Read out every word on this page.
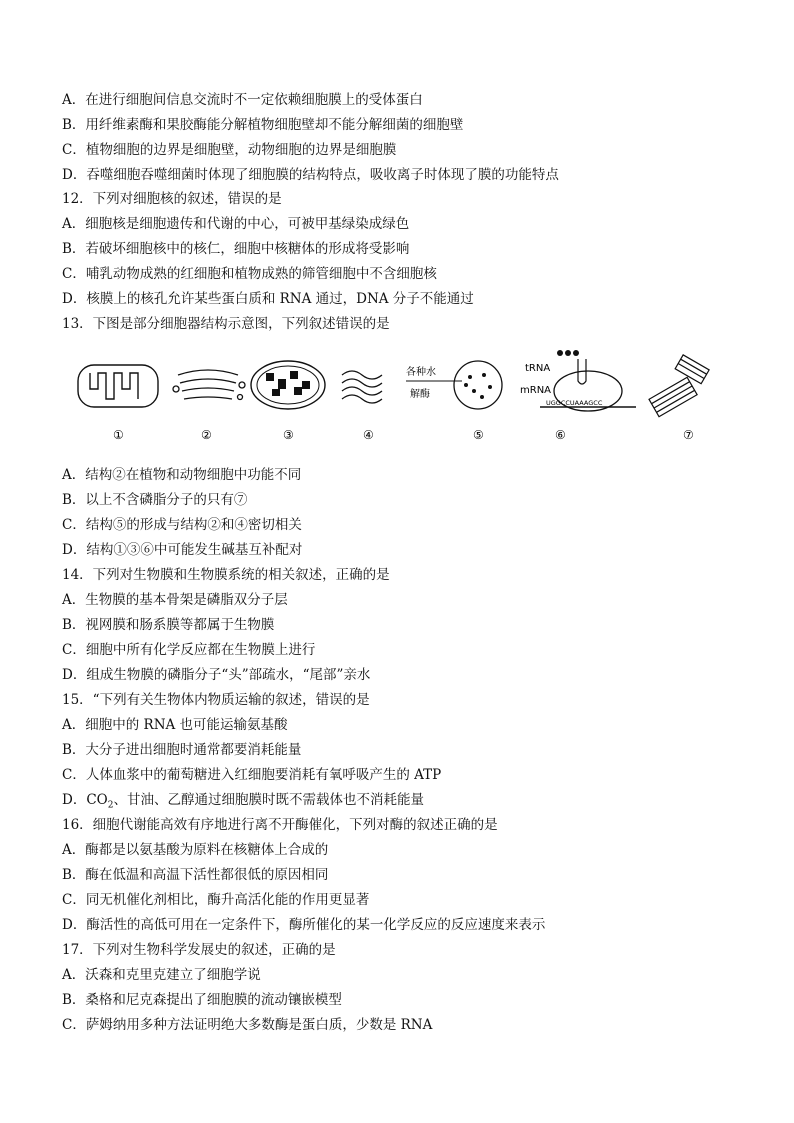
A．在进行细胞间信息交流时不一定依赖细胞膜上的受体蛋白
B．用纤维素酶和果胶酶能分解植物细胞壁却不能分解细菌的细胞壁
C．植物细胞的边界是细胞壁，动物细胞的边界是细胞膜
D．吞噬细胞吞噬细菌时体现了细胞膜的结构特点，吸收离子时体现了膜的功能特点
12．下列对细胞核的叙述，错误的是
A．细胞核是细胞遗传和代谢的中心，可被甲基绿染成绿色
B．若破坏细胞核中的核仁，细胞中核糖体的形成将受影响
C．哺乳动物成熟的红细胞和植物成熟的筛管细胞中不含细胞核
D．核膜上的核孔允许某些蛋白质和 RNA 通过，DNA 分子不能通过
13．下图是部分细胞器结构示意图，下列叙述错误的是
①	②	③	④
各种水
解酶
⑤
tRNA
mRNA
UGGCCUAAAGCC
⑥	⑦
A．结构②在植物和动物细胞中功能不同
B．以上不含磷脂分子的只有⑦
C．结构⑤的形成与结构②和④密切相关
D．结构①③⑥中可能发生碱基互补配对
14．下列对生物膜和生物膜系统的相关叙述，正确的是
A．生物膜的基本骨架是磷脂双分子层
B．视网膜和肠系膜等都属于生物膜
C．细胞中所有化学反应都在生物膜上进行
D．组成生物膜的磷脂分子“头”部疏水，“尾部”亲水
15．“下列有关生物体内物质运输的叙述，错误的是
A．细胞中的 RNA 也可能运输氨基酸
B．大分子进出细胞时通常都要消耗能量
C．人体血浆中的葡萄糖进入红细胞要消耗有氧呼吸产生的 ATP
D．$CO_2$、甘油、乙醇通过细胞膜时既不需载体也不消耗能量
16．细胞代谢能高效有序地进行离不开酶催化，下列对酶的叙述正确的是
A．酶都是以氨基酸为原料在核糖体上合成的
B．酶在低温和高温下活性都很低的原因相同
C．同无机催化剂相比，酶升高活化能的作用更显著
D．酶活性的高低可用在一定条件下，酶所催化的某一化学反应的反应速度来表示
17．下列对生物科学发展史的叙述，正确的是
A．沃森和克里克建立了细胞学说
B．桑格和尼克森提出了细胞膜的流动镶嵌模型
C．萨姆纳用多种方法证明绝大多数酶是蛋白质，少数是 RNA
